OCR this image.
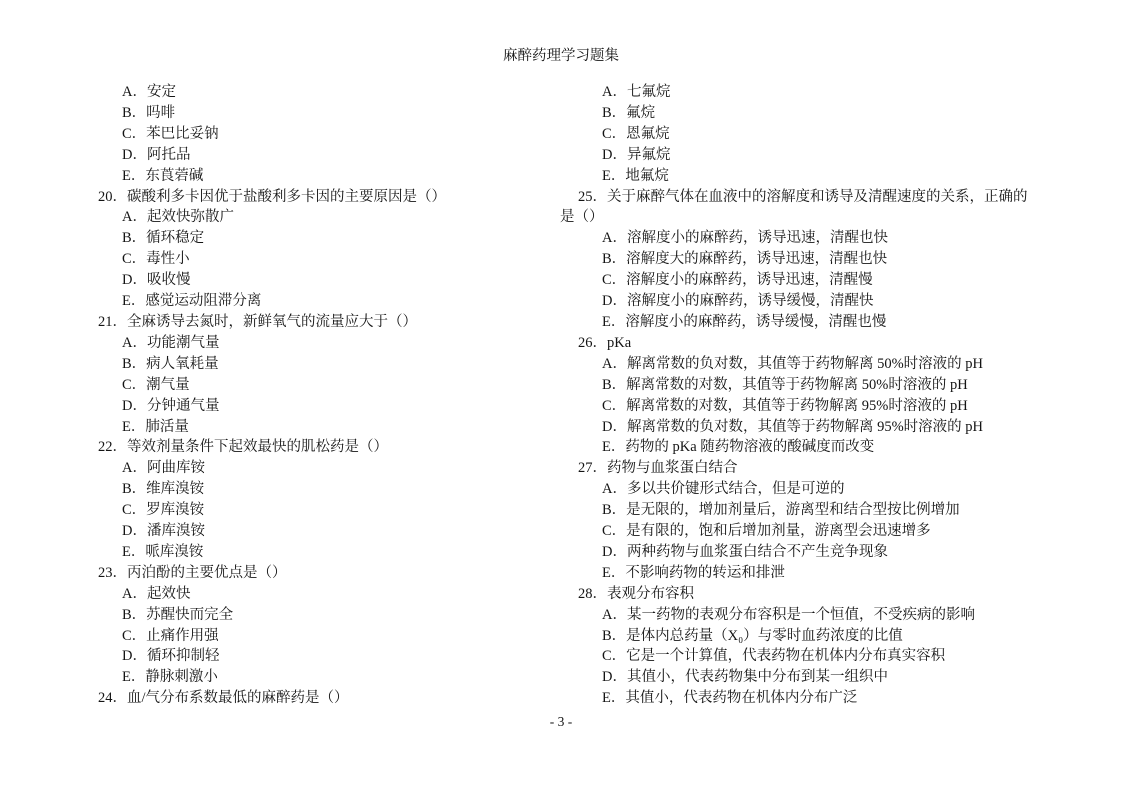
麻醉药理学习题集
A．安定
B．吗啡
C．苯巴比妥钠
D．阿托品
E．东莨菪碱
20．碳酸利多卡因优于盐酸利多卡因的主要原因是（）
A．起效快弥散广
B．循环稳定
C．毒性小
D．吸收慢
E．感觉运动阻滞分离
21．全麻诱导去氮时，新鲜氧气的流量应大于（）
A．功能潮气量
B．病人氧耗量
C．潮气量
D．分钟通气量
E．肺活量
22．等效剂量条件下起效最快的肌松药是（）
A．阿曲库铵
B．维库溴铵
C．罗库溴铵
D．潘库溴铵
E．哌库溴铵
23．丙泊酚的主要优点是（）
A．起效快
B．苏醒快而完全
C．止痛作用强
D．循环抑制轻
E．静脉刺激小
24．血/气分布系数最低的麻醉药是（）
A．七氟烷
B．氟烷
C．恩氟烷
D．异氟烷
E．地氟烷
25．关于麻醉气体在血液中的溶解度和诱导及清醒速度的关系，正确的
是（）
A．溶解度小的麻醉药，诱导迅速，清醒也快
B．溶解度大的麻醉药，诱导迅速，清醒也快
C．溶解度小的麻醉药，诱导迅速，清醒慢
D．溶解度小的麻醉药，诱导缓慢，清醒快
E．溶解度小的麻醉药，诱导缓慢，清醒也慢
26．pKa
A．解离常数的负对数，其值等于药物解离 50%时溶液的 pH
B．解离常数的对数，其值等于药物解离 50%时溶液的 pH
C．解离常数的对数，其值等于药物解离 95%时溶液的 pH
D．解离常数的负对数，其值等于药物解离 95%时溶液的 pH
E．药物的 pKa 随药物溶液的酸碱度而改变
27．药物与血浆蛋白结合
A．多以共价键形式结合，但是可逆的
B．是无限的，增加剂量后，游离型和结合型按比例增加
C．是有限的，饱和后增加剂量，游离型会迅速增多
D．两种药物与血浆蛋白结合不产生竞争现象
E．不影响药物的转运和排泄
28．表观分布容积
A．某一药物的表观分布容积是一个恒值，不受疾病的影响
B．是体内总药量（X₀）与零时血药浓度的比值
C．它是一个计算值，代表药物在机体内分布真实容积
D．其值小，代表药物集中分布到某一组织中
E．其值小，代表药物在机体内分布广泛
- 3 -
